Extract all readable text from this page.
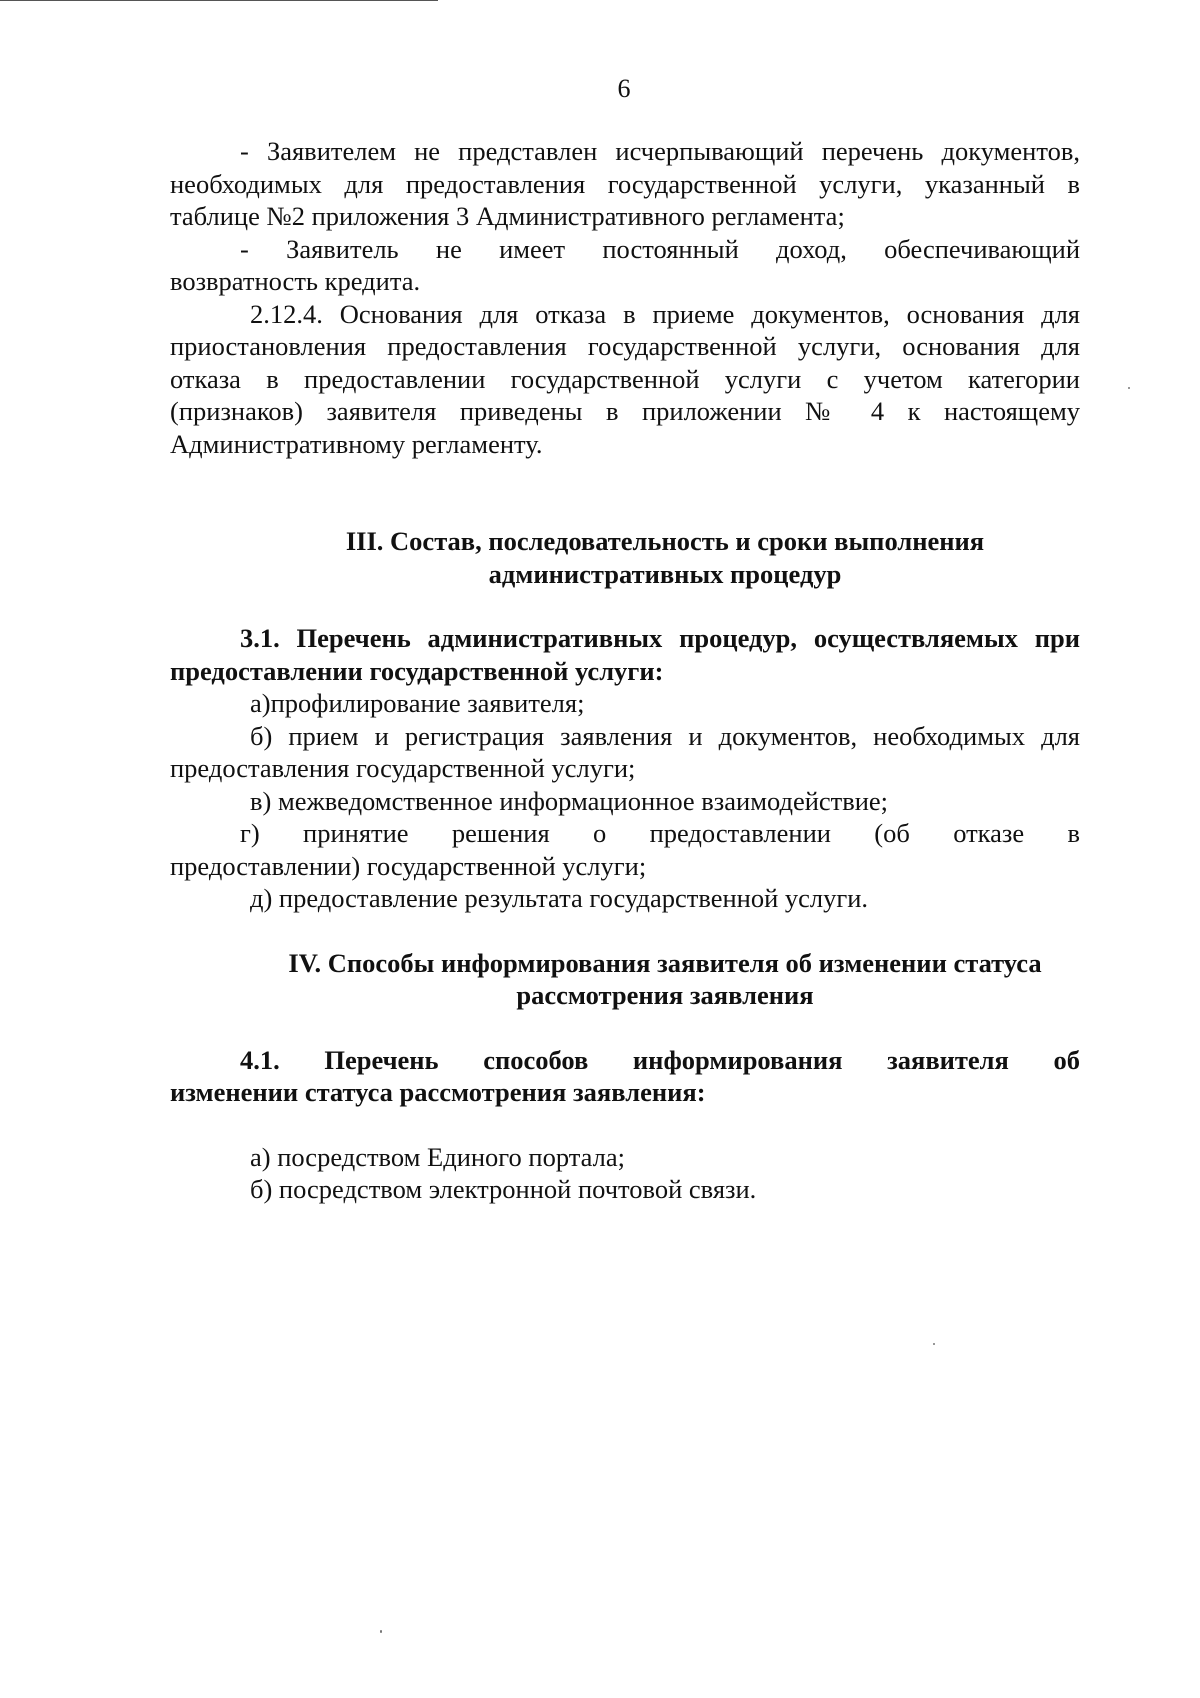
6

- Заявителем не представлен исчерпывающий перечень документов,

необходимых для предоставления государственной услуги, указанный в таблице №2 приложения 3 Административного регламента;

- Заявитель не имеет постоянный доход, обеспечивающий

возвратность кредита.

2.12.4. Основания для отказа в приеме документов, основания для приостановления предоставления государственной услуги, основания для отказа в предоставлении государственной услуги с учетом категории (признаков) заявителя приведены в приложении № 4 к настоящему Административному регламенту.

III. Состав, последовательность и сроки выполнения

административных процедур

3.1. Перечень административных процедур, осуществляемых при предоставлении государственной услуги:

а)профилирование заявителя;

б) прием и регистрация заявления и документов, необходимых для предоставления государственной услуги;

в) межведомственное информационное взаимодействие;

г) принятие решения о предоставлении (об отказе в

предоставлении) государственной услуги;

д) предоставление результата государственной услуги.

IV. Способы информирования заявителя об изменении статуса

рассмотрения заявления

4.1. Перечень способов информирования заявителя об

изменении статуса рассмотрения заявления:

а) посредством Единого портала;

б) посредством электронной почтовой связи.
